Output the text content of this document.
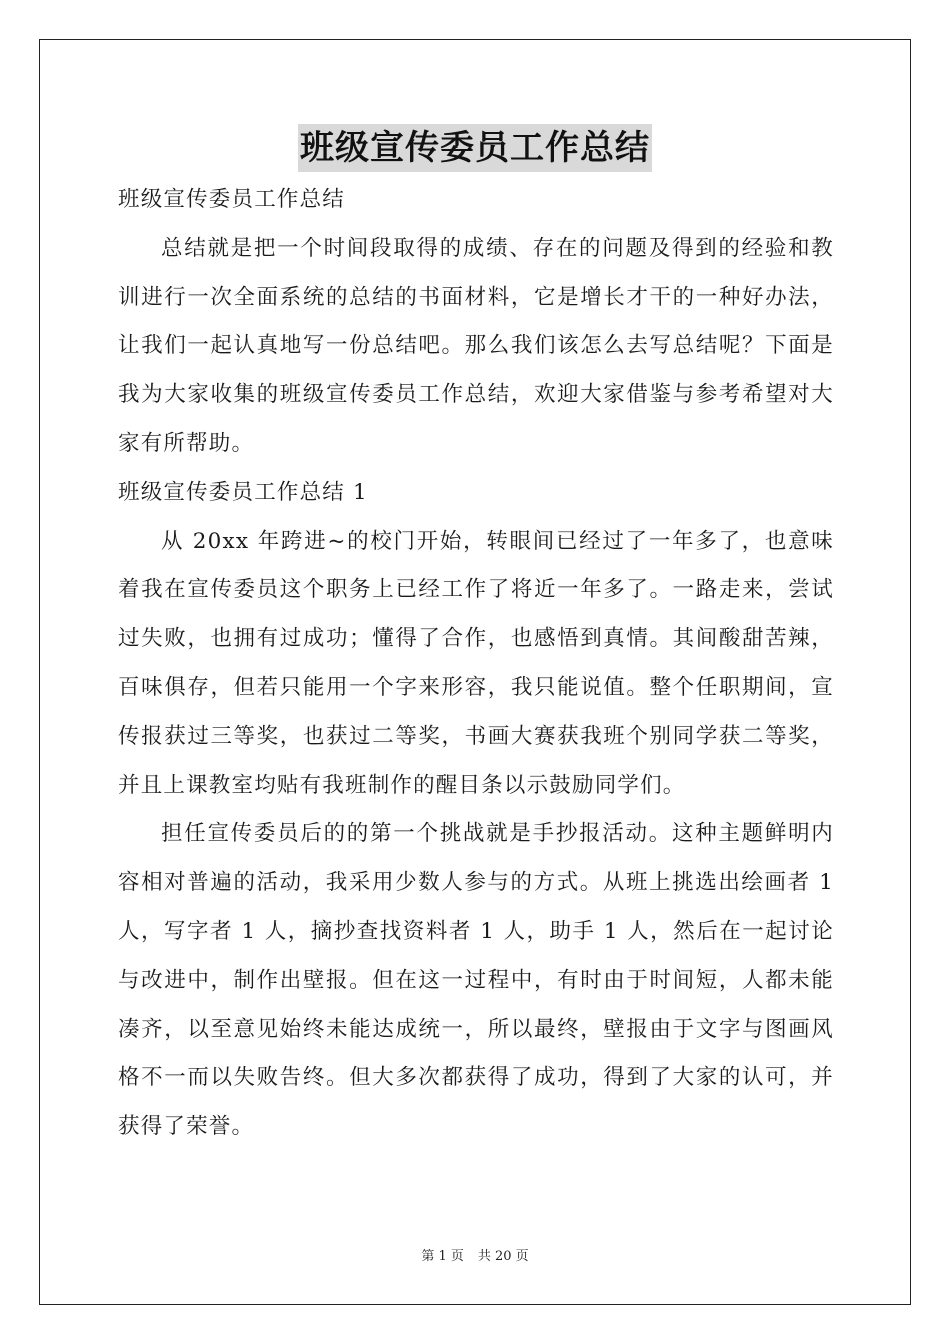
班级宣传委员工作总结

班级宣传委员工作总结

总结就是把一个时间段取得的成绩、存在的问题及得到的经验和教训进行一次全面系统的总结的书面材料，它是增长才干的一种好办法，让我们一起认真地写一份总结吧。那么我们该怎么去写总结呢？下面是我为大家收集的班级宣传委员工作总结，欢迎大家借鉴与参考希望对大家有所帮助。

班级宣传委员工作总结 1

从 20xx 年跨进~的校门开始，转眼间已经过了一年多了，也意味着我在宣传委员这个职务上已经工作了将近一年多了。一路走来，尝试过失败，也拥有过成功；懂得了合作，也感悟到真情。其间酸甜苦辣，百味俱存，但若只能用一个字来形容，我只能说值。整个任职期间，宣传报获过三等奖，也获过二等奖，书画大赛获我班个别同学获二等奖，并且上课教室均贴有我班制作的醒目条以示鼓励同学们。

担任宣传委员后的的第一个挑战就是手抄报活动。这种主题鲜明内容相对普遍的活动，我采用少数人参与的方式。从班上挑选出绘画者 1 人，写字者 1 人，摘抄查找资料者 1 人，助手 1 人，然后在一起讨论与改进中，制作出壁报。但在这一过程中，有时由于时间短，人都未能凑齐，以至意见始终未能达成统一，所以最终，壁报由于文字与图画风格不一而以失败告终。但大多次都获得了成功，得到了大家的认可，并获得了荣誉。

第 1 页 共 20 页
